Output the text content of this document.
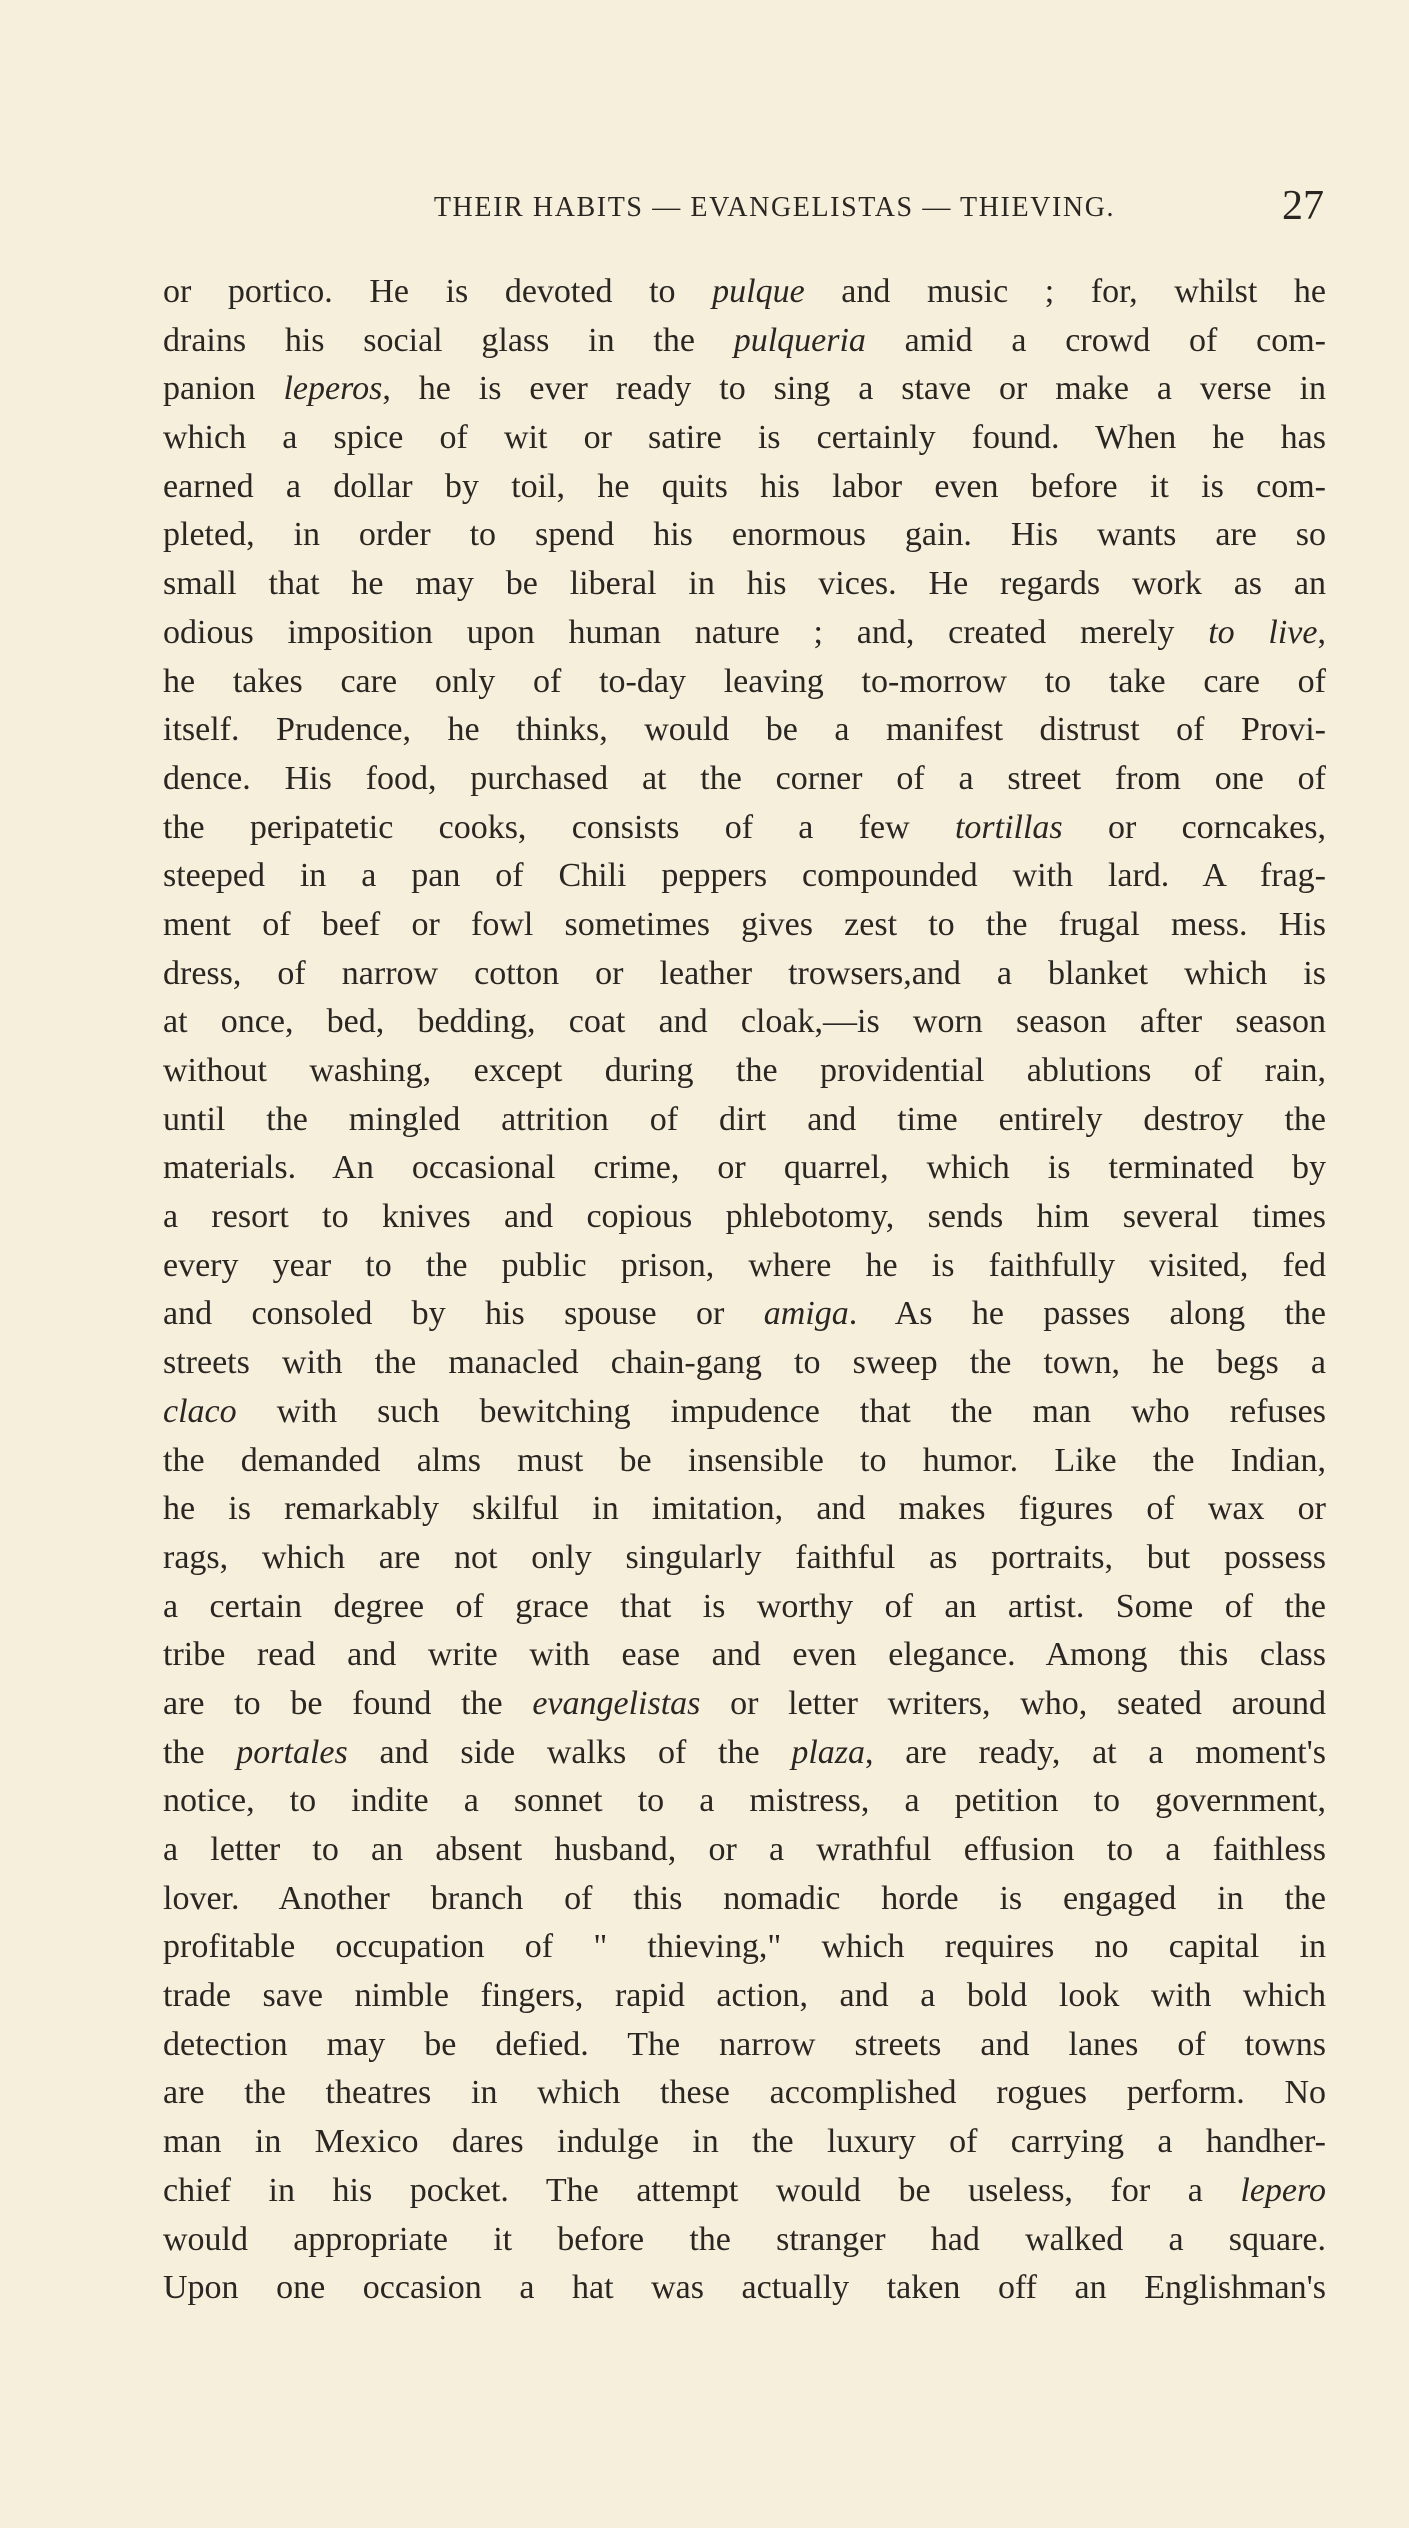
THEIR HABITS — EVANGELISTAS — THIEVING.	27
or portico. He is devoted to pulque and music ; for, whilst he
drains his social glass in the pulqueria amid a crowd of com-
panion leperos, he is ever ready to sing a stave or make a verse in
which a spice of wit or satire is certainly found. When he has
earned a dollar by toil, he quits his labor even before it is com-
pleted, in order to spend his enormous gain. His wants are so
small that he may be liberal in his vices. He regards work as an
odious imposition upon human nature ; and, created merely to live,
he takes care only of to-day leaving to-morrow to take care of
itself. Prudence, he thinks, would be a manifest distrust of Provi-
dence. His food, purchased at the corner of a street from one of
the peripatetic cooks, consists of a few tortillas or corncakes,
steeped in a pan of Chili peppers compounded with lard. A frag-
ment of beef or fowl sometimes gives zest to the frugal mess. His
dress, of narrow cotton or leather trowsers,and a blanket which is
at once, bed, bedding, coat and cloak,—is worn season after season
without washing, except during the providential ablutions of rain,
until the mingled attrition of dirt and time entirely destroy the
materials. An occasional crime, or quarrel, which is terminated by
a resort to knives and copious phlebotomy, sends him several times
every year to the public prison, where he is faithfully visited, fed
and consoled by his spouse or amiga. As he passes along the
streets with the manacled chain-gang to sweep the town, he begs a
claco with such bewitching impudence that the man who refuses
the demanded alms must be insensible to humor. Like the Indian,
he is remarkably skilful in imitation, and makes figures of wax or
rags, which are not only singularly faithful as portraits, but possess
a certain degree of grace that is worthy of an artist. Some of the
tribe read and write with ease and even elegance. Among this class
are to be found the evangelistas or letter writers, who, seated around
the portales and side walks of the plaza, are ready, at a moment's
notice, to indite a sonnet to a mistress, a petition to government,
a letter to an absent husband, or a wrathful effusion to a faithless
lover. Another branch of this nomadic horde is engaged in the
profitable occupation of " thieving," which requires no capital in
trade save nimble fingers, rapid action, and a bold look with which
detection may be defied. The narrow streets and lanes of towns
are the theatres in which these accomplished rogues perform. No
man in Mexico dares indulge in the luxury of carrying a handher-
chief in his pocket. The attempt would be useless, for a lepero
would appropriate it before the stranger had walked a square.
Upon one occasion a hat was actually taken off an Englishman's
